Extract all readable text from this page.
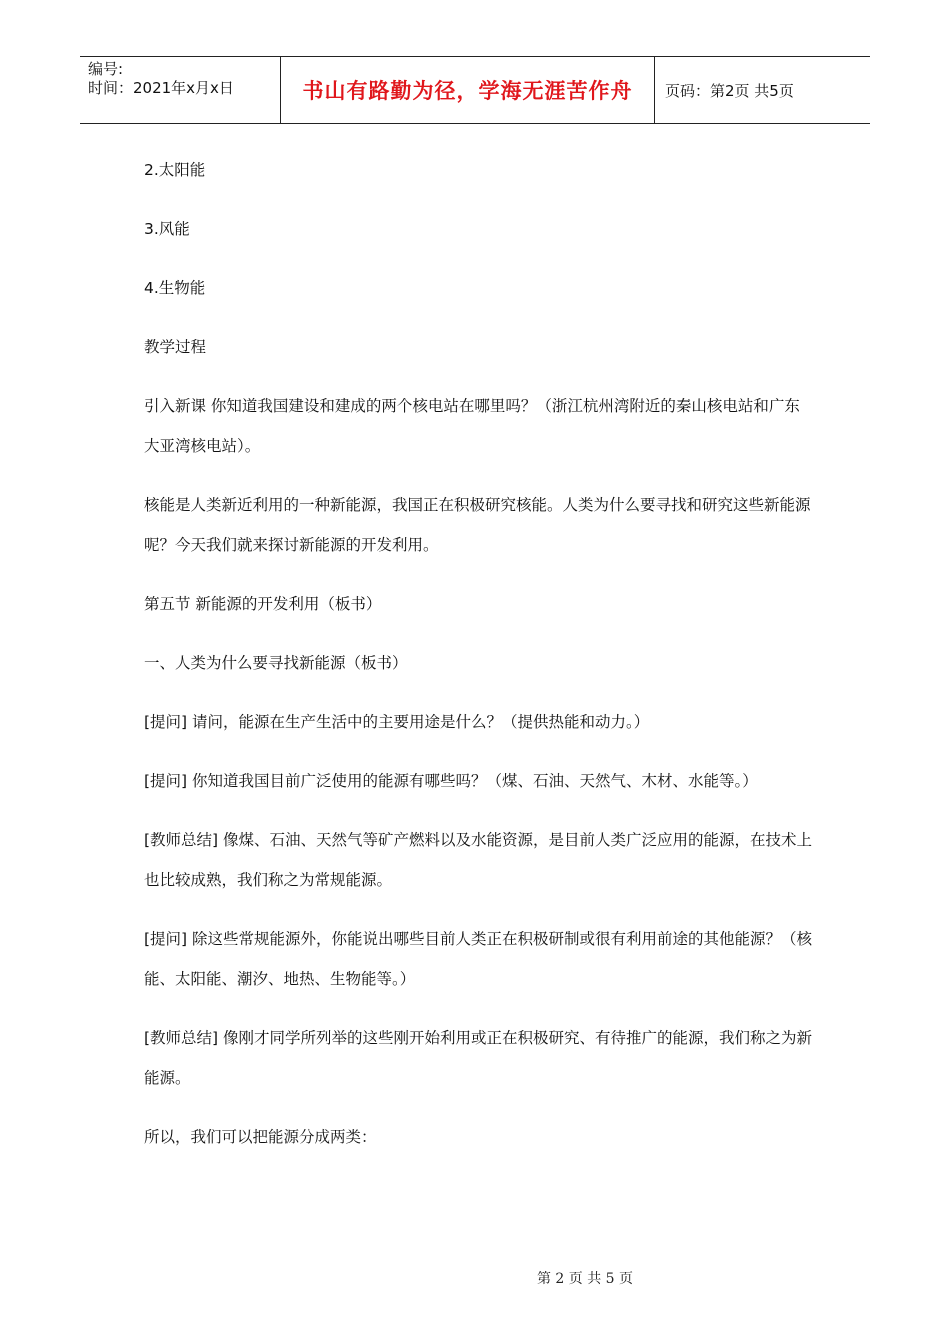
编号:
时间：2021年x月x日	书山有路勤为径，学海无涯苦作舟	页码：第2页 共5页

2.太阳能

3.风能

4.生物能

教学过程

引入新课 你知道我国建设和建成的两个核电站在哪里吗？（浙江杭州湾附近的秦山核电站和广东大亚湾核电站）。

核能是人类新近利用的一种新能源，我国正在积极研究核能。人类为什么要寻找和研究这些新能源呢？今天我们就来探讨新能源的开发利用。

第五节 新能源的开发利用（板书）

一、人类为什么要寻找新能源（板书）

[提问] 请问，能源在生产生活中的主要用途是什么？（提供热能和动力。）

[提问] 你知道我国目前广泛使用的能源有哪些吗？（煤、石油、天然气、木材、水能等。）

[教师总结] 像煤、石油、天然气等矿产燃料以及水能资源，是目前人类广泛应用的能源，在技术上也比较成熟，我们称之为常规能源。

[提问] 除这些常规能源外，你能说出哪些目前人类正在积极研制或很有利用前途的其他能源？（核能、太阳能、潮汐、地热、生物能等。）

[教师总结] 像刚才同学所列举的这些刚开始利用或正在积极研究、有待推广的能源，我们称之为新能源。

所以，我们可以把能源分成两类：

第 2 页 共 5 页
